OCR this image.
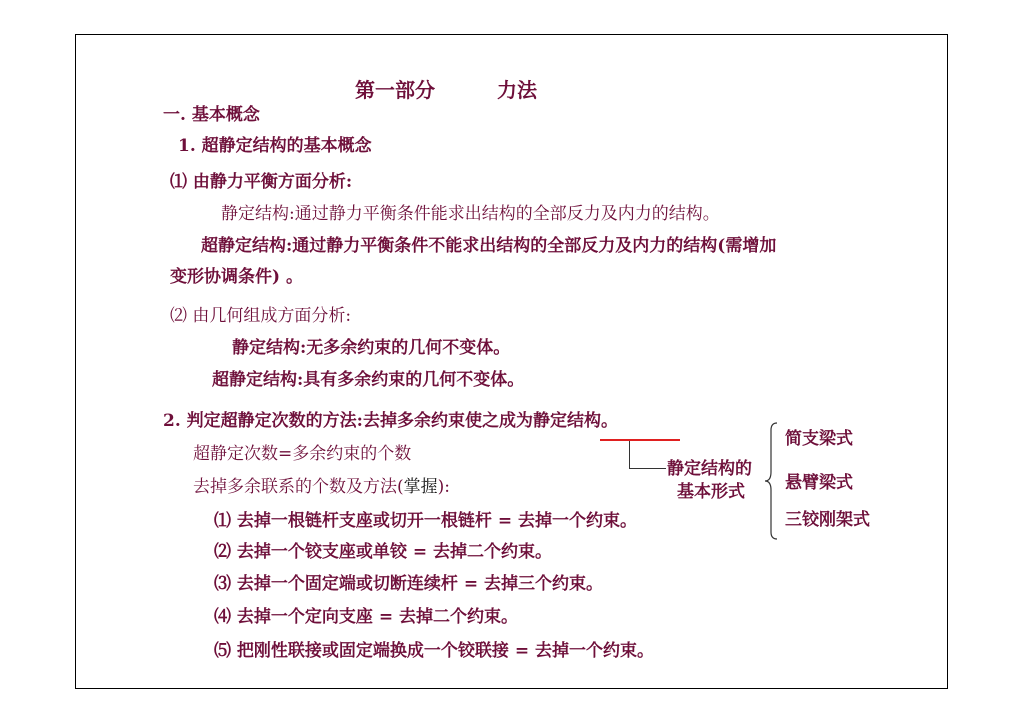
第一部分	力法
一. 基本概念
1. 超静定结构的基本概念
⑴ 由静力平衡方面分析:
静定结构:通过静力平衡条件能求出结构的全部反力及内力的结构。
超静定结构:通过静力平衡条件不能求出结构的全部反力及内力的结构(需增加
变形协调条件) 。
⑵ 由几何组成方面分析:
静定结构:无多余约束的几何不变体。
超静定结构:具有多余约束的几何不变体。
2. 判定超静定次数的方法:去掉多余约束使之成为静定结构。
超静定次数=多余约束的个数
去掉多余联系的个数及方法(掌握):
⑴ 去掉一根链杆支座或切开一根链杆 = 去掉一个约束。
⑵ 去掉一个铰支座或单铰 = 去掉二个约束。
⑶ 去掉一个固定端或切断连续杆 = 去掉三个约束。
⑷ 去掉一个定向支座 = 去掉二个约束。
⑸ 把刚性联接或固定端换成一个铰联接 = 去掉一个约束。
静定结构的
基本形式
简支梁式
悬臂梁式
三铰刚架式
